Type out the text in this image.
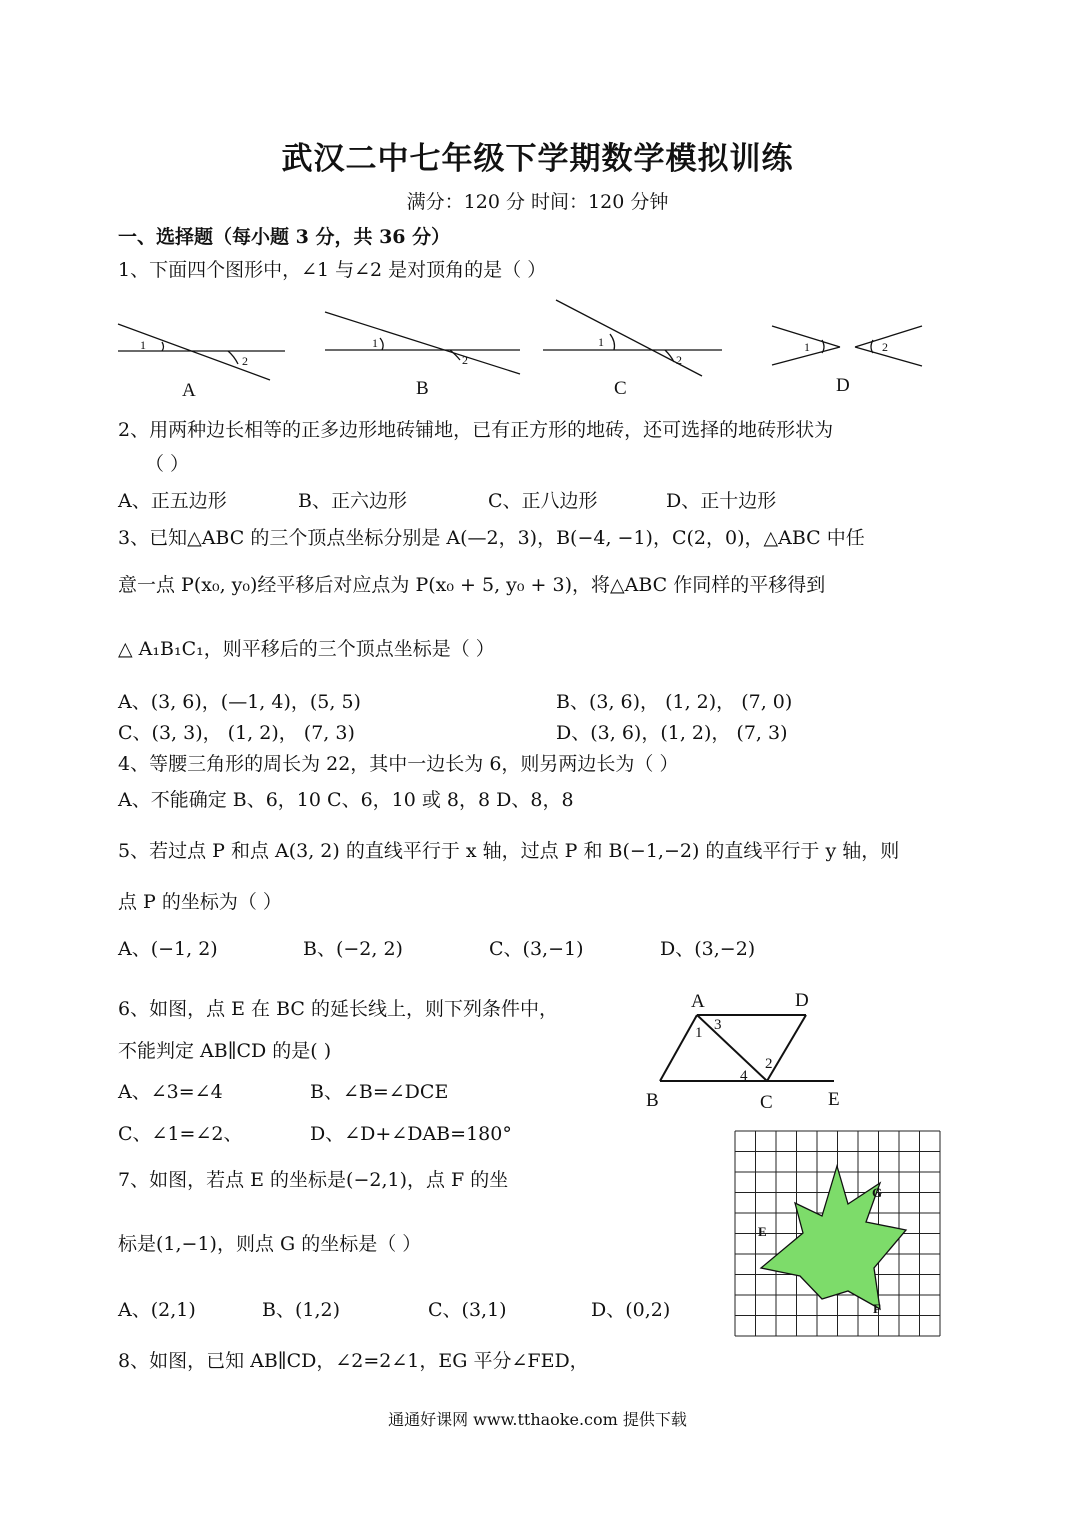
武汉二中七年级下学期数学模拟训练
满分：120 分 时间：120 分钟
一、选择题（每小题 3 分，共 36 分）
1、下面四个图形中，∠1 与∠2 是对顶角的是（ ）
1
2
A
1
2
B
1
2
C
1	2
D
2、用两种边长相等的正多边形地砖铺地，已有正方形的地砖，还可选择的地砖形状为
（ ）
A、正五边形	B、正六边形	C、正八边形	D、正十边形
3、已知△ABC 的三个顶点坐标分别是 A(—2，3)，B(−4, −1)，C(2，0)，△ABC 中任
意一点 P(x₀, y₀)经平移后对应点为 P(x₀ + 5, y₀ + 3)，将△ABC 作同样的平移得到
△ A₁B₁C₁，则平移后的三个顶点坐标是（ ）
A、(3, 6)，(—1, 4)，(5, 5)	B、(3, 6)， (1, 2)， (7, 0)
C、(3, 3)， (1, 2)， (7, 3)	D、(3, 6)，(1, 2)， (7, 3)
4、等腰三角形的周长为 22，其中一边长为 6，则另两边长为（ ）
A、不能确定 B、6，10 C、6，10 或 8，8 D、8，8
5、若过点 P 和点 A(3, 2) 的直线平行于 x 轴，过点 P 和 B(−1,−2) 的直线平行于 y 轴，则
点 P 的坐标为（ ）
A、(−1, 2)	B、(−2, 2)	C、(3,−1)	D、(3,−2)
6、如图，点 E 在 BC 的延长线上，则下列条件中，
不能判定 AB∥CD 的是( )
A、∠3=∠4	B、∠B=∠DCE
C、∠1=∠2、	D、∠D+∠DAB=180°
A	D
B	C	E
1 3
2
4
7、如图，若点 E 的坐标是(−2,1)，点 F 的坐
标是(1,−1)，则点 G 的坐标是（ ）
A、(2,1)	B、(1,2)	C、(3,1)	D、(0,2)
E
F
G
8、如图，已知 AB∥CD，∠2=2∠1，EG 平分∠FED，
通通好课网 www.tthaoke.com 提供下载
